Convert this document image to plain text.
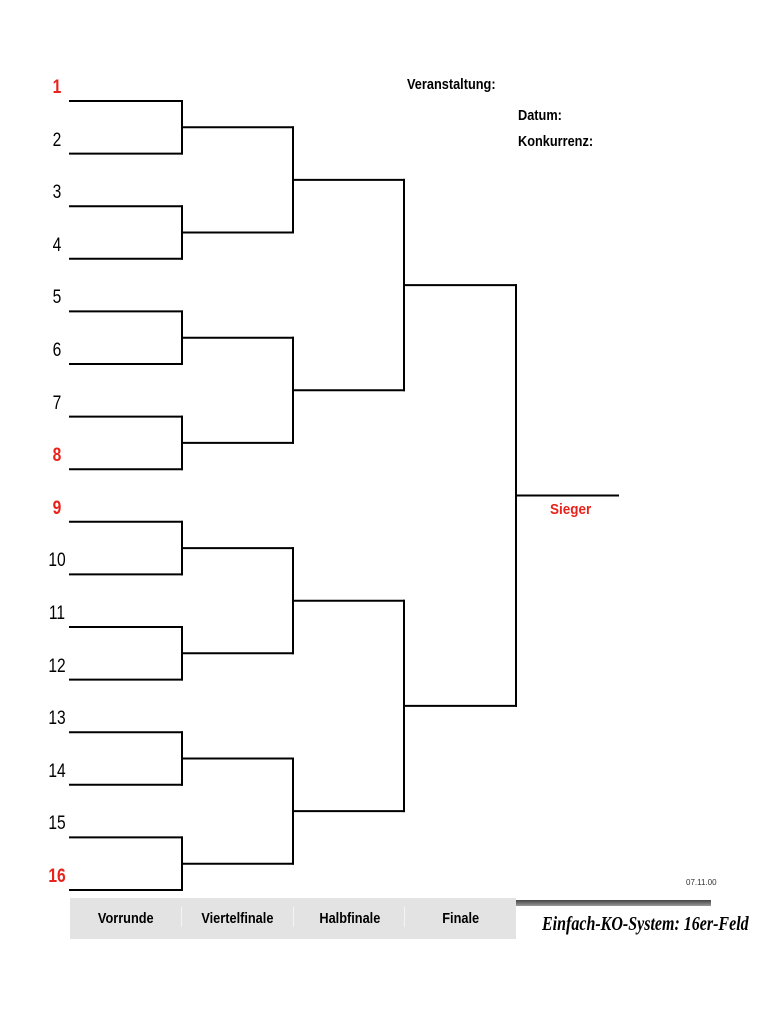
1
2
3
4
5
6
7
8
9
10
11
12
13
14
15
16
Veranstaltung:
Datum:
Konkurrenz:
Sieger
07.11.00
Vorrunde	Viertelfinale	Halbfinale	Finale	Einfach-KO-System: 16er-Feld
